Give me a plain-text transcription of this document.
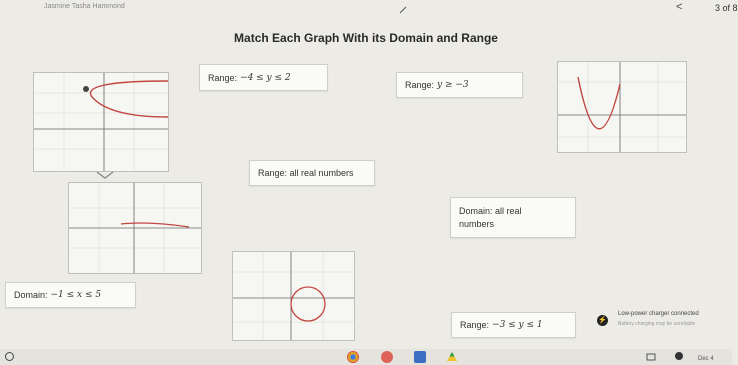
Jasmine Tasha Hammond	<	3 of 8
Match Each Graph With its Domain and Range
Range: −4 ≤ y ≤ 2
Range: y ≥ −3
Range: all real numbers
Domain: all real numbers
Domain: −1 ≤ x ≤ 5
Range: −3 ≤ y ≤ 1	⚡
Low-power charger connected
Battery charging may be unreliable
Dec 4
